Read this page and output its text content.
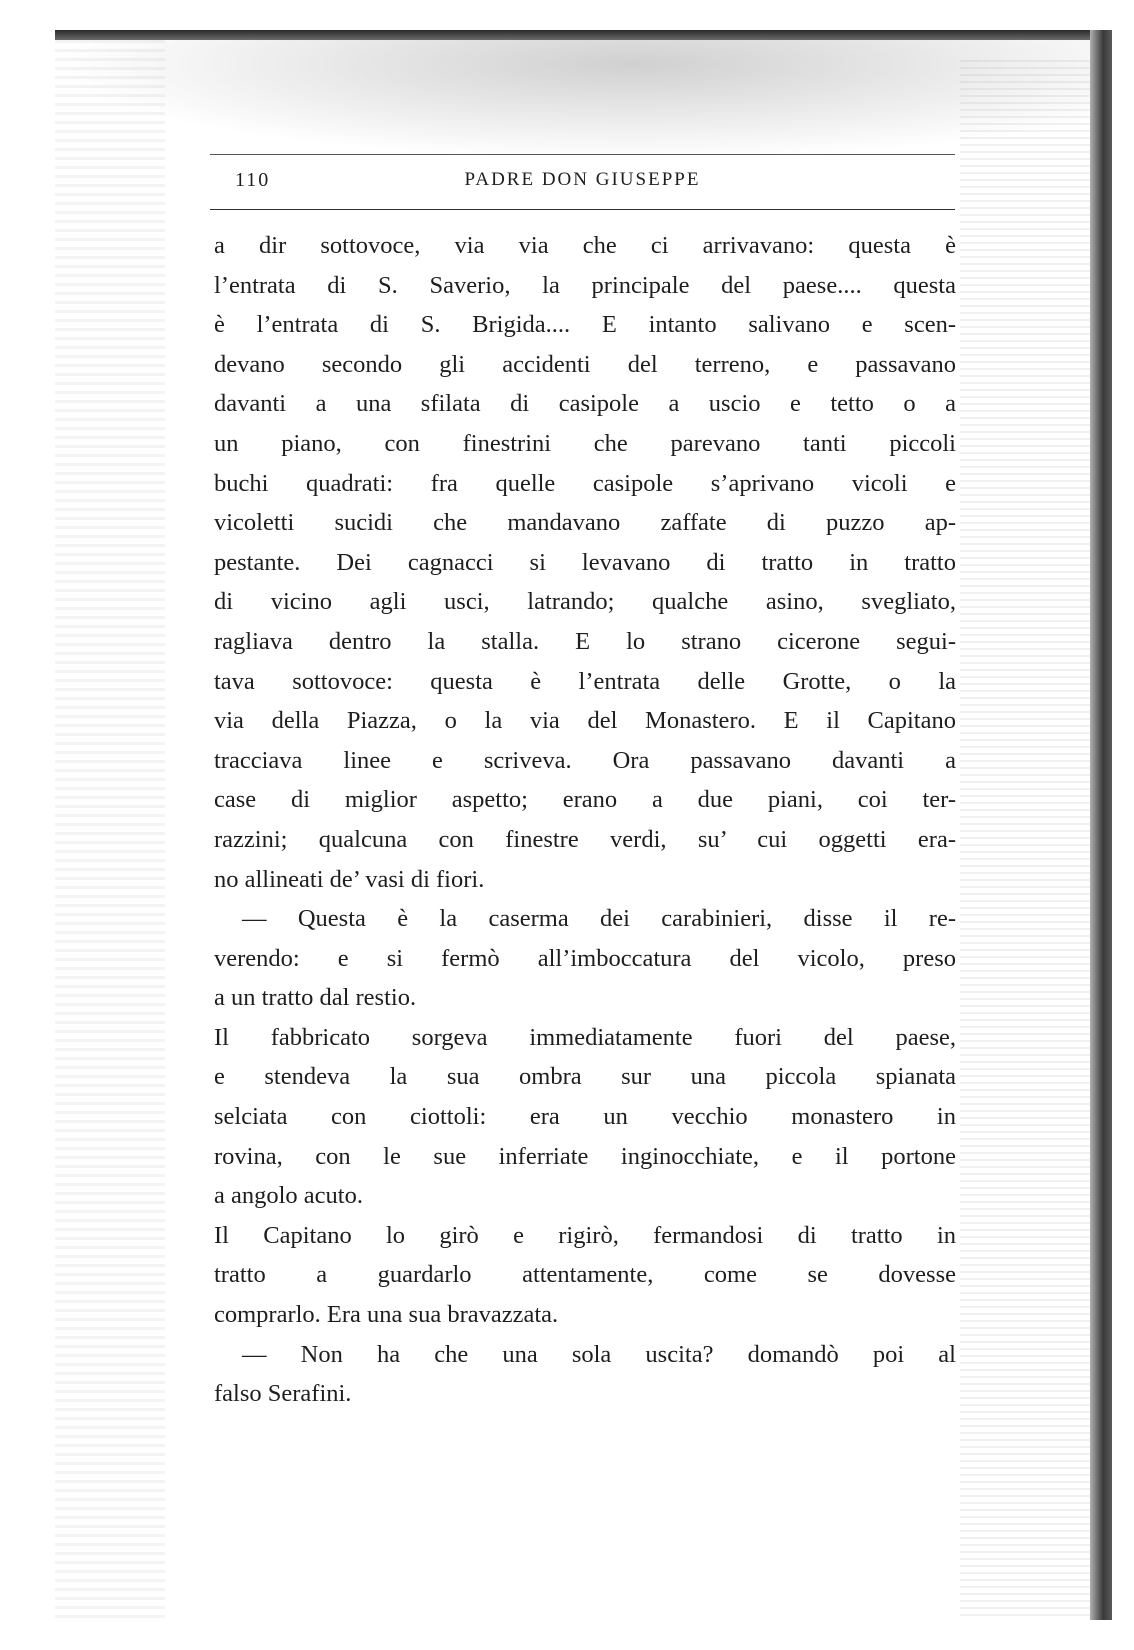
110	PADRE DON GIUSEPPE
a dir sottovoce, via via che ci arrivavano: questa è
l’entrata di S. Saverio, la principale del paese.... questa
è l’entrata di S. Brigida.... E intanto salivano e scen-
devano secondo gli accidenti del terreno, e passavano
davanti a una sfilata di casipole a uscio e tetto o a
un piano, con finestrini che parevano tanti piccoli
buchi quadrati: fra quelle casipole s’aprivano vicoli e
vicoletti sucidi che mandavano zaffate di puzzo ap-
pestante. Dei cagnacci si levavano di tratto in tratto
di vicino agli usci, latrando; qualche asino, svegliato,
ragliava dentro la stalla. E lo strano cicerone segui-
tava sottovoce: questa è l’entrata delle Grotte, o la
via della Piazza, o la via del Monastero. E il Capitano
tracciava linee e scriveva. Ora passavano davanti a
case di miglior aspetto; erano a due piani, coi ter-
razzini; qualcuna con finestre verdi, su’ cui oggetti era-
no allineati de’ vasi di fiori.
— Questa è la caserma dei carabinieri, disse il re-
verendo: e si fermò all’imboccatura del vicolo, preso
a un tratto dal restio.
Il fabbricato sorgeva immediatamente fuori del paese,
e stendeva la sua ombra sur una piccola spianata
selciata con ciottoli: era un vecchio monastero in
rovina, con le sue inferriate inginocchiate, e il portone
a angolo acuto.
Il Capitano lo girò e rigirò, fermandosi di tratto in
tratto a guardarlo attentamente, come se dovesse
comprarlo. Era una sua bravazzata.
— Non ha che una sola uscita? domandò poi al
falso Serafini.
